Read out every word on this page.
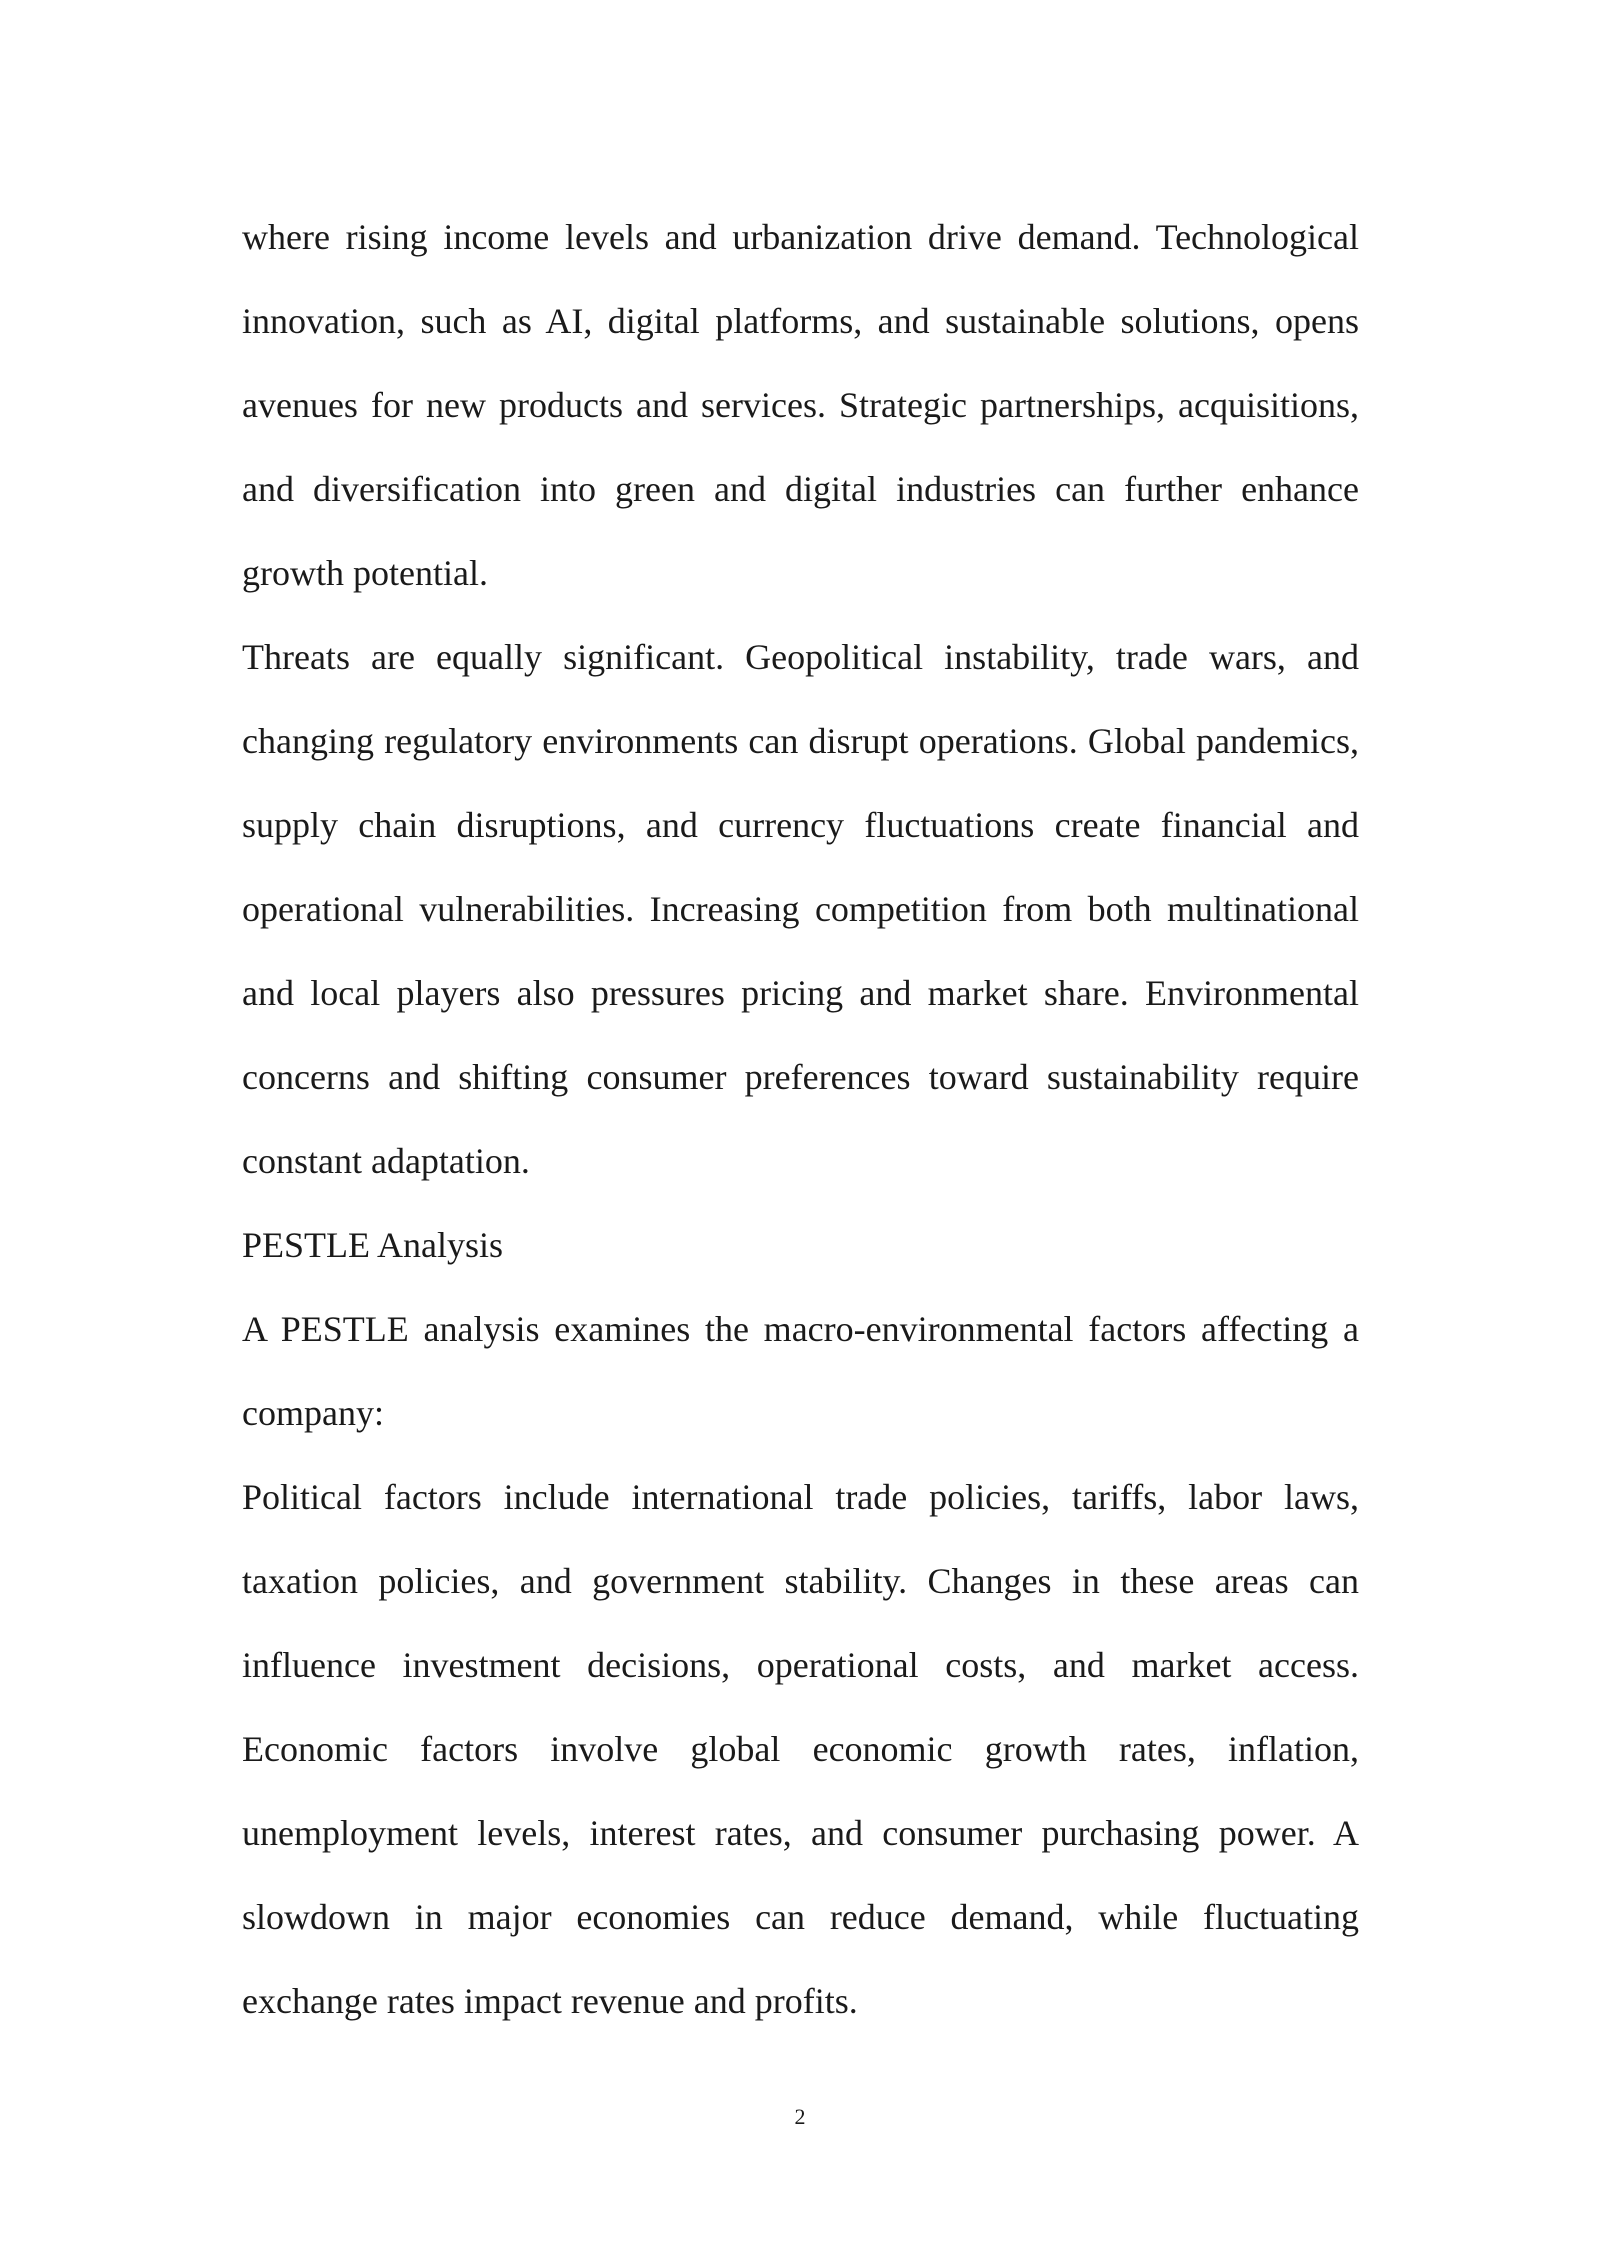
where rising income levels and urbanization drive demand. Technological innovation, such as AI, digital platforms, and sustainable solutions, opens avenues for new products and services. Strategic partnerships, acquisitions, and diversification into green and digital industries can further enhance growth potential.

Threats are equally significant. Geopolitical instability, trade wars, and changing regulatory environments can disrupt operations. Global pandemics, supply chain disruptions, and currency fluctuations create financial and operational vulnerabilities. Increasing competition from both multinational and local players also pressures pricing and market share. Environmental concerns and shifting consumer preferences toward sustainability require constant adaptation.

PESTLE Analysis

A PESTLE analysis examines the macro-environmental factors affecting a company:

Political factors include international trade policies, tariffs, labor laws, taxation policies, and government stability. Changes in these areas can influence investment decisions, operational costs, and market access. Economic factors involve global economic growth rates, inflation, unemployment levels, interest rates, and consumer purchasing power. A slowdown in major economies can reduce demand, while fluctuating exchange rates impact revenue and profits.

2
